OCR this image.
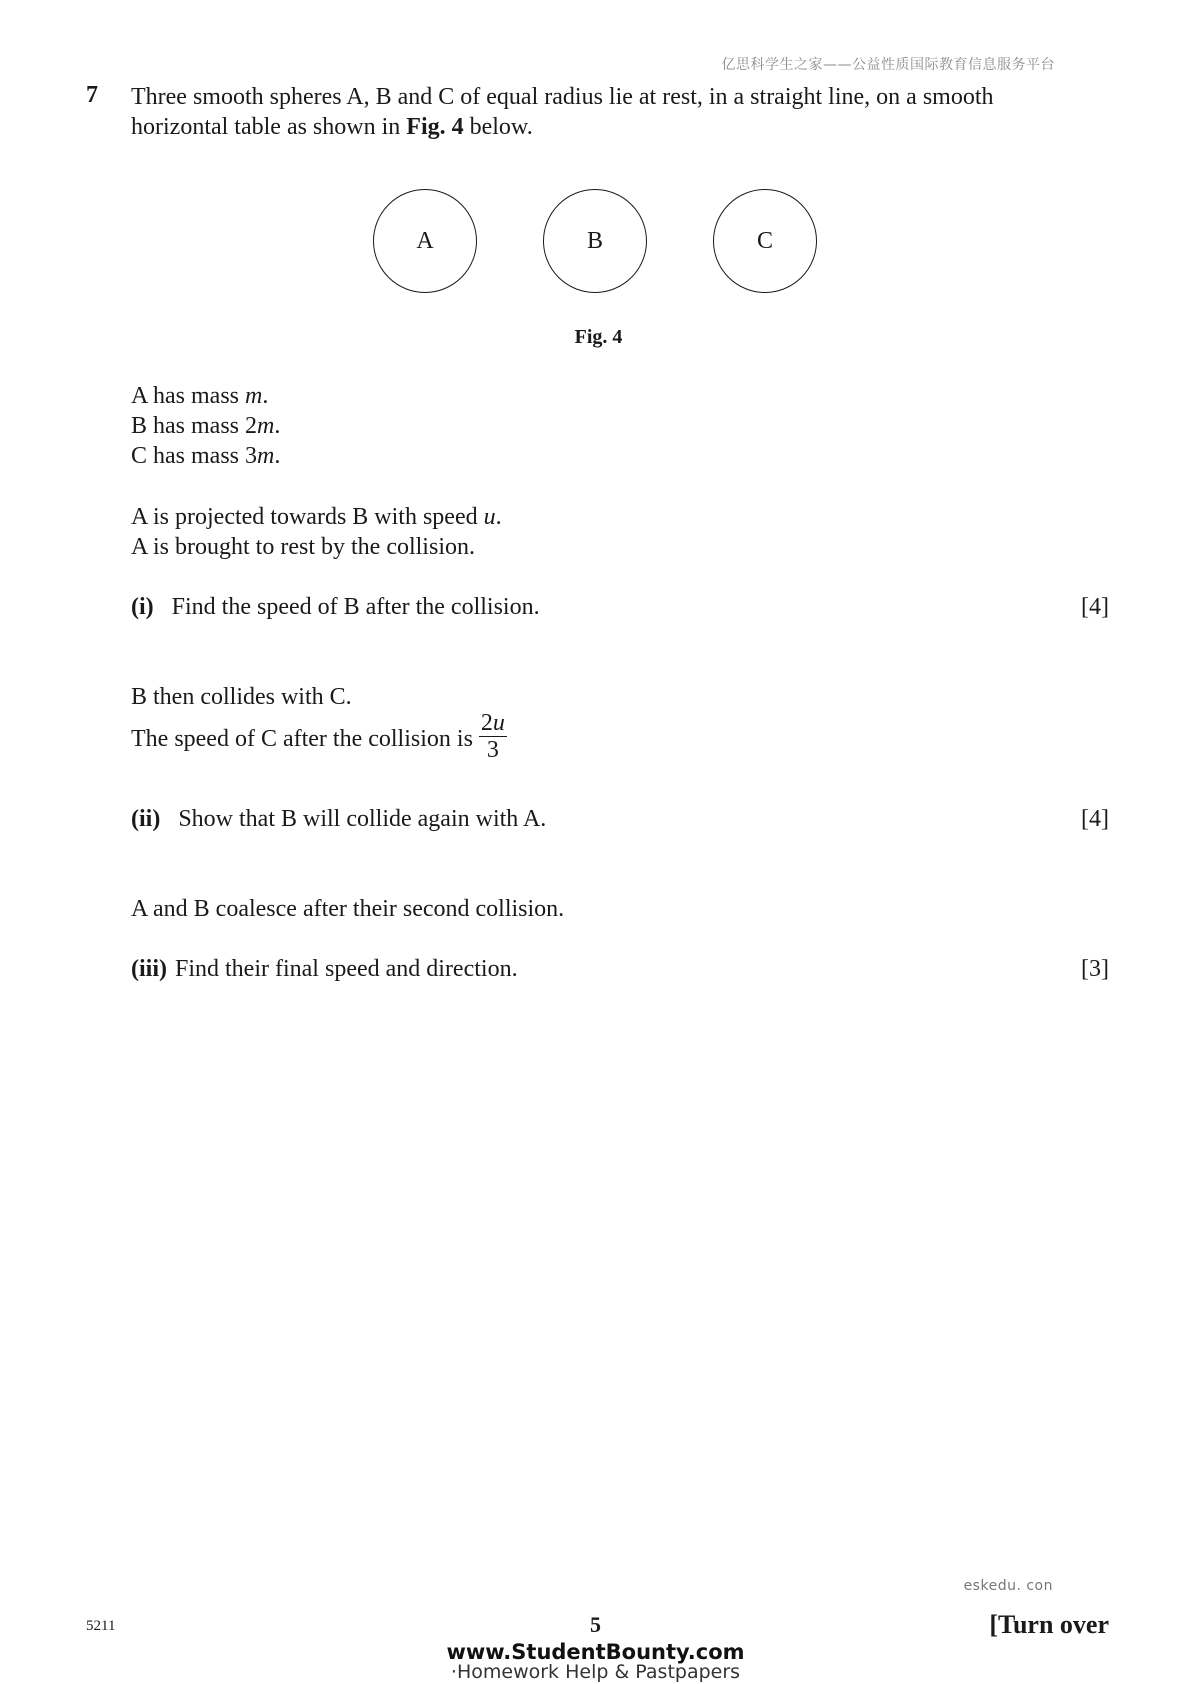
亿思科学生之家——公益性质国际教育信息服务平台
7 Three smooth spheres A, B and C of equal radius lie at rest, in a straight line, on a smooth
horizontal table as shown in Fig. 4 below.
A	B	C
Fig. 4
A has mass m.
B has mass 2m.
C has mass 3m.
A is projected towards B with speed u.
A is brought to rest by the collision.
(i) Find the speed of B after the collision.	[4]
B then collides with C.
The speed of C after the collision is $\frac{2u}{3}$
(ii) Show that B will collide again with A.	[4]
A and B coalesce after their second collision.
(iii) Find their final speed and direction.	[3]
eskedu. con
5211	5	[Turn over
www.StudentBounty.com
·Homework Help & Pastpapers
